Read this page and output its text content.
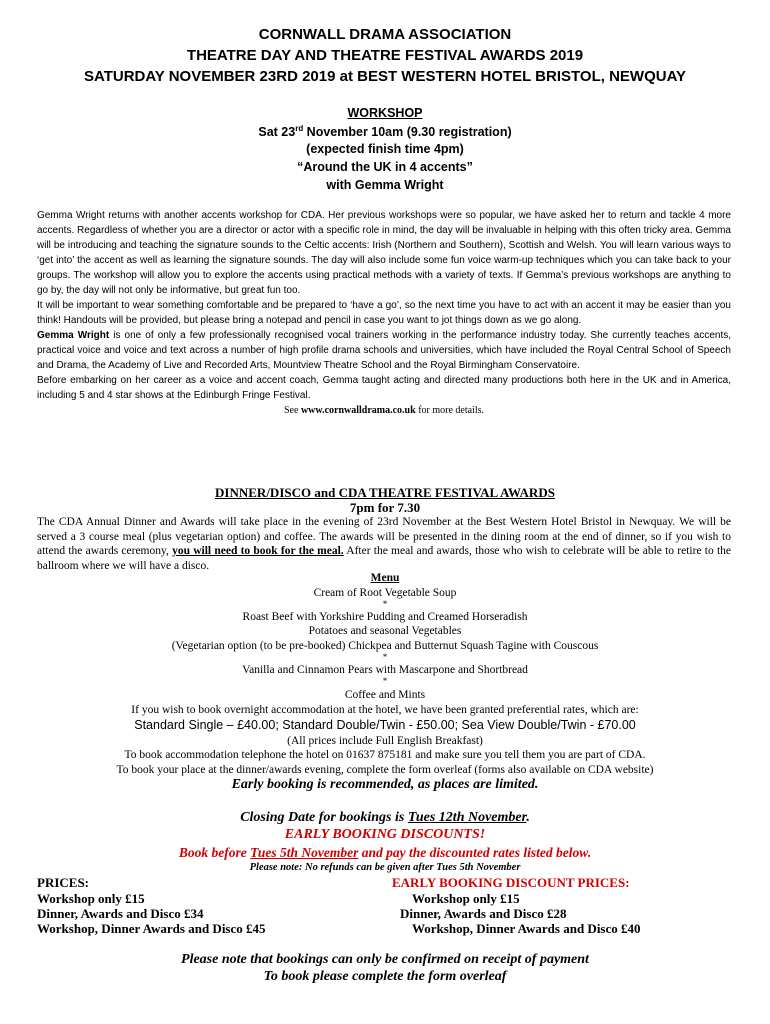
CORNWALL DRAMA ASSOCIATION
THEATRE DAY AND THEATRE FESTIVAL AWARDS 2019
SATURDAY NOVEMBER 23RD 2019 at BEST WESTERN HOTEL BRISTOL, NEWQUAY
WORKSHOP
Sat 23rd November 10am (9.30 registration)
(expected finish time 4pm)
“Around the UK in 4 accents”
with Gemma Wright

Gemma Wright returns with another accents workshop for CDA. Her previous workshops were so popular, we have asked her to return and tackle 4 more accents. Regardless of whether you are a director or actor with a specific role in mind, the day will be invaluable in helping with this often tricky area. Gemma will be introducing and teaching the signature sounds to the Celtic accents: Irish (Northern and Southern), Scottish and Welsh. You will learn various ways to ‘get into’ the accent as well as learning the signature sounds. The day will also include some fun voice warm-up techniques which you can take back to your groups. The workshop will allow you to explore the accents using practical methods with a variety of texts. If Gemma’s previous workshops are anything to go by, the day will not only be informative, but great fun too.

It will be important to wear something comfortable and be prepared to ‘have a go’, so the next time you have to act with an accent it may be easier than you think! Handouts will be provided, but please bring a notepad and pencil in case you want to jot things down as we go along.

Gemma Wright is one of only a few professionally recognised vocal trainers working in the performance industry today. She currently teaches accents, practical voice and voice and text across a number of high profile drama schools and universities, which have included the Royal Central School of Speech and Drama, the Academy of Live and Recorded Arts, Mountview Theatre School and the Royal Birmingham Conservatoire.

Before embarking on her career as a voice and accent coach, Gemma taught acting and directed many productions both here in the UK and in America, including 5 and 4 star shows at the Edinburgh Fringe Festival.

See www.cornwalldrama.co.uk for more details.

DINNER/DISCO and CDA THEATRE FESTIVAL AWARDS
7pm for 7.30
The CDA Annual Dinner and Awards will take place in the evening of 23rd November at the Best Western Hotel Bristol in Newquay. We will be served a 3 course meal (plus vegetarian option) and coffee. The awards will be presented in the dining room at the end of dinner, so if you wish to attend the awards ceremony, you will need to book for the meal. After the meal and awards, those who wish to celebrate will be able to retire to the ballroom where we will have a disco.
Menu
Cream of Root Vegetable Soup
*
Roast Beef with Yorkshire Pudding and Creamed Horseradish
Potatoes and seasonal Vegetables
(Vegetarian option (to be pre-booked) Chickpea and Butternut Squash Tagine with Couscous
*
Vanilla and Cinnamon Pears with Mascarpone and Shortbread
*
Coffee and Mints
If you wish to book overnight accommodation at the hotel, we have been granted preferential rates, which are:
Standard Single – £40.00; Standard Double/Twin - £50.00; Sea View Double/Twin - £70.00
(All prices include Full English Breakfast)
To book accommodation telephone the hotel on 01637 875181 and make sure you tell them you are part of CDA.
To book your place at the dinner/awards evening, complete the form overleaf (forms also available on CDA website)
Early booking is recommended, as places are limited.
Closing Date for bookings is Tues 12th November.
EARLY BOOKING DISCOUNTS!
Book before Tues 5th November and pay the discounted rates listed below.
Please note: No refunds can be given after Tues 5th November
PRICES:
Workshop only £15
Dinner, Awards and Disco £34
Workshop, Dinner Awards and Disco £45
EARLY BOOKING DISCOUNT PRICES:
Workshop only £15
Dinner, Awards and Disco £28
Workshop, Dinner Awards and Disco £40
Please note that bookings can only be confirmed on receipt of payment
To book please complete the form overleaf
